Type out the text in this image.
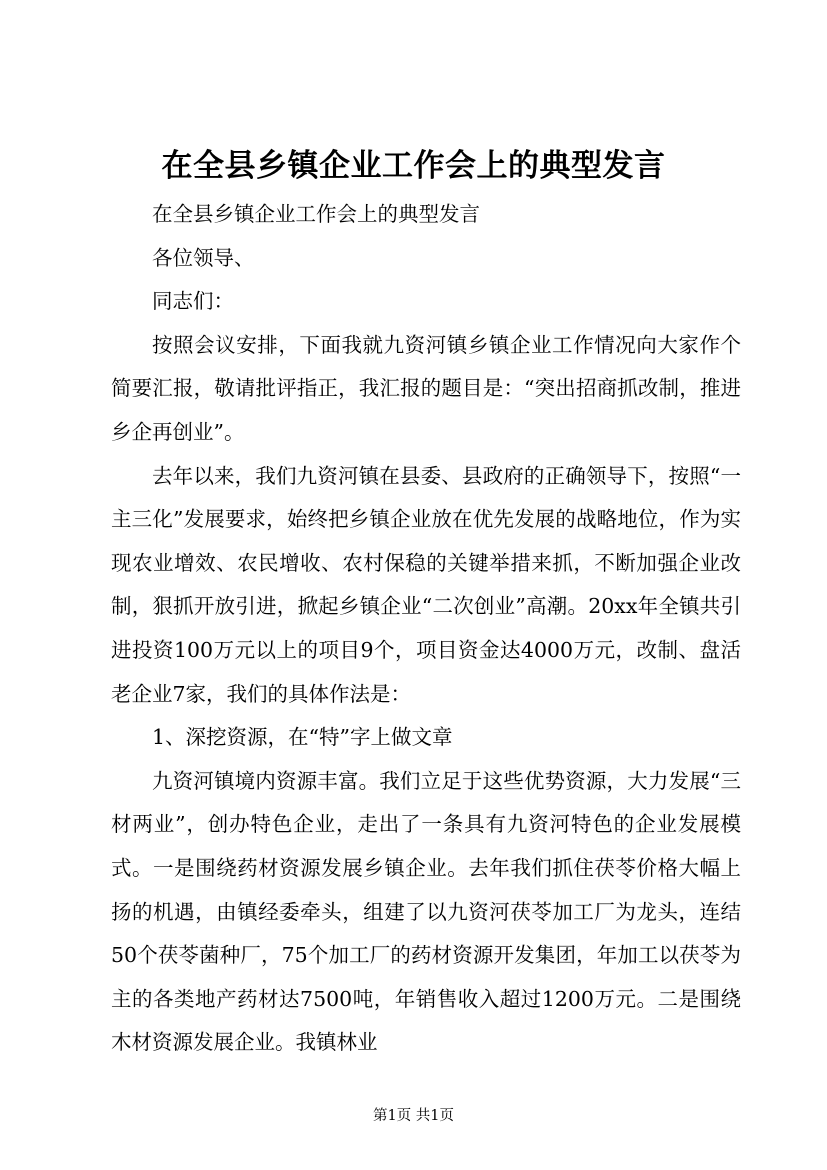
在全县乡镇企业工作会上的典型发言

在全县乡镇企业工作会上的典型发言

各位领导、

同志们：

按照会议安排，下面我就九资河镇乡镇企业工作情况向大家作个简要汇报，敬请批评指正，我汇报的题目是：“突出招商抓改制，推进乡企再创业”。

去年以来，我们九资河镇在县委、县政府的正确领导下，按照“一主三化”发展要求，始终把乡镇企业放在优先发展的战略地位，作为实现农业增效、农民增收、农村保稳的关键举措来抓，不断加强企业改制，狠抓开放引进，掀起乡镇企业“二次创业”高潮。20xx年全镇共引进投资100万元以上的项目9个，项目资金达4000万元，改制、盘活老企业7家，我们的具体作法是：

1、深挖资源，在“特”字上做文章

九资河镇境内资源丰富。我们立足于这些优势资源，大力发展“三材两业”，创办特色企业，走出了一条具有九资河特色的企业发展模式。一是围绕药材资源发展乡镇企业。去年我们抓住茯苓价格大幅上扬的机遇，由镇经委牵头，组建了以九资河茯苓加工厂为龙头，连结50个茯苓菌种厂，75个加工厂的药材资源开发集团，年加工以茯苓为主的各类地产药材达7500吨，年销售收入超过1200万元。二是围绕木材资源发展企业。我镇林业

第1页 共1页
